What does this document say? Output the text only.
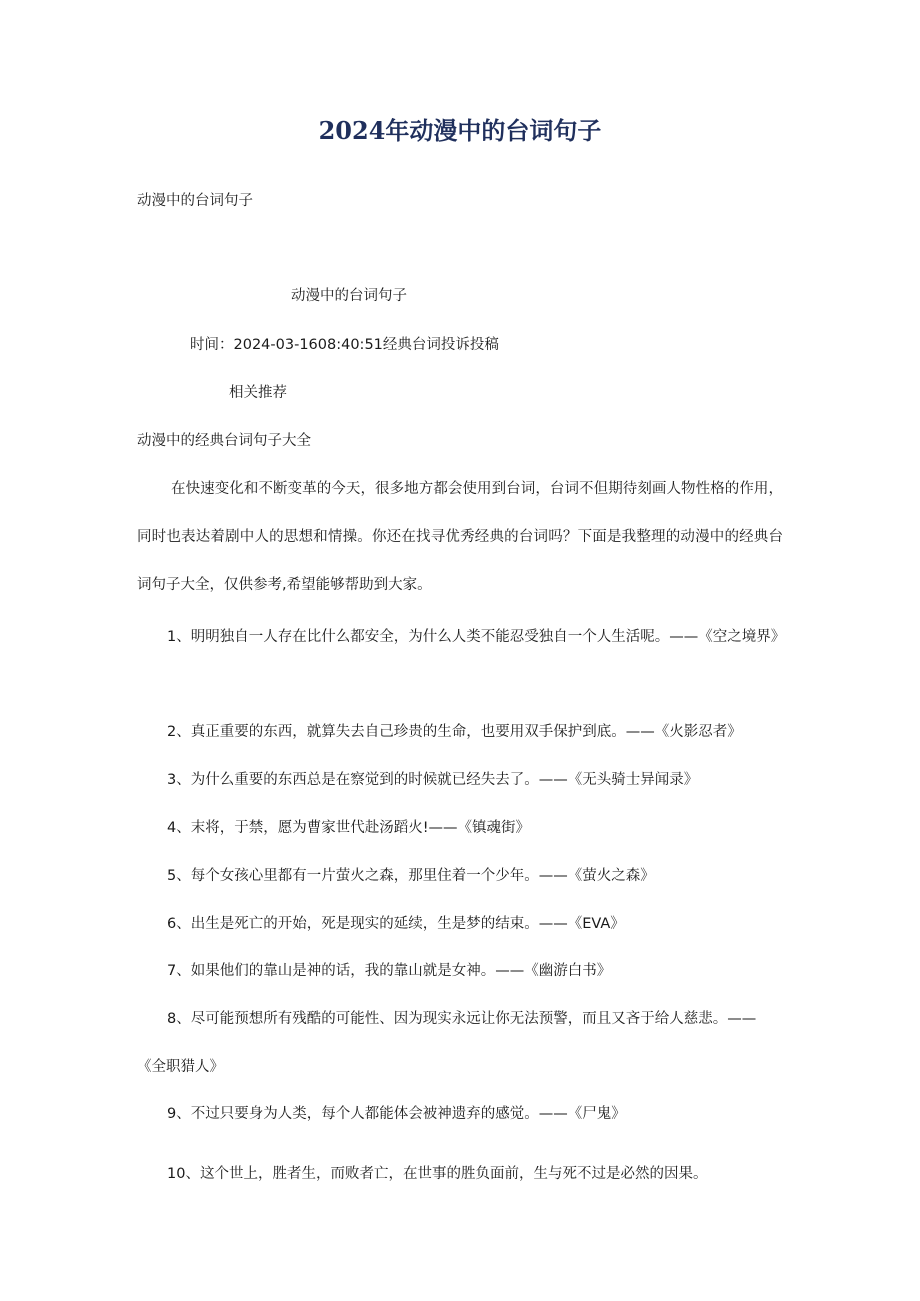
2024年动漫中的台词句子
动漫中的台词句子
动漫中的台词句子
时间：2024-03-1608:40:51经典台词投诉投稿
相关推荐
动漫中的经典台词句子大全
在快速变化和不断变革的今天，很多地方都会使用到台词，台词不但期待刻画人物性格的作用，同时也表达着剧中人的思想和情操。你还在找寻优秀经典的台词吗？下面是我整理的动漫中的经典台词句子大全，仅供参考,希望能够帮助到大家。
1、明明独自一人存在比什么都安全，为什么人类不能忍受独自一个人生活呢。——《空之境界》
2、真正重要的东西，就算失去自己珍贵的生命，也要用双手保护到底。——《火影忍者》
3、为什么重要的东西总是在察觉到的时候就已经失去了。——《无头骑士异闻录》
4、末将，于禁，愿为曹家世代赴汤蹈火!——《镇魂街》
5、每个女孩心里都有一片萤火之森，那里住着一个少年。——《萤火之森》
6、出生是死亡的开始，死是现实的延续，生是梦的结束。——《EVA》
7、如果他们的靠山是神的话，我的靠山就是女神。——《幽游白书》
8、尽可能预想所有残酷的可能性、因为现实永远让你无法预警，而且又吝于给人慈悲。——《全职猎人》
9、不过只要身为人类，每个人都能体会被神遗弃的感觉。——《尸鬼》
10、这个世上，胜者生，而败者亡，在世事的胜负面前，生与死不过是必然的因果。
